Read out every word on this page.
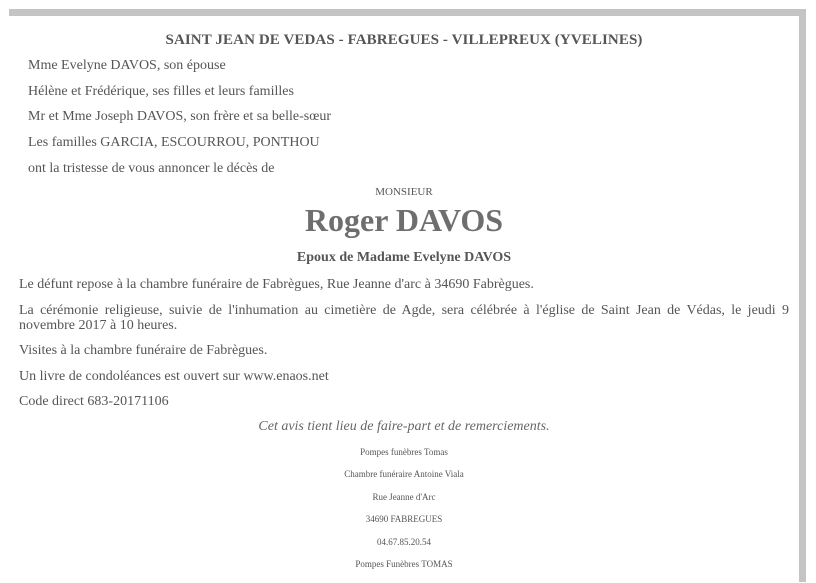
SAINT JEAN DE VEDAS - FABREGUES - VILLEPREUX (YVELINES)
Mme Evelyne DAVOS, son épouse
Hélène et Frédérique, ses filles et leurs familles
Mr et Mme Joseph DAVOS, son frère et sa belle-sœur
Les familles GARCIA, ESCOURROU, PONTHOU
ont la tristesse de vous annoncer le décès de
MONSIEUR
Roger DAVOS
Epoux de Madame Evelyne DAVOS
Le défunt repose à la chambre funéraire de Fabrègues, Rue Jeanne d'arc à 34690 Fabrègues.
La cérémonie religieuse, suivie de l'inhumation au cimetière de Agde, sera célébrée à l'église de Saint Jean de Védas, le jeudi 9 novembre 2017 à 10 heures.
Visites à la chambre funéraire de Fabrègues.
Un livre de condoléances est ouvert sur www.enaos.net
Code direct 683-20171106
Cet avis tient lieu de faire-part et de remerciements.
Pompes funèbres Tomas
Chambre funéraire Antoine Viala
Rue Jeanne d'Arc
34690 FABREGUES
04.67.85.20.54
Pompes Funèbres TOMAS
